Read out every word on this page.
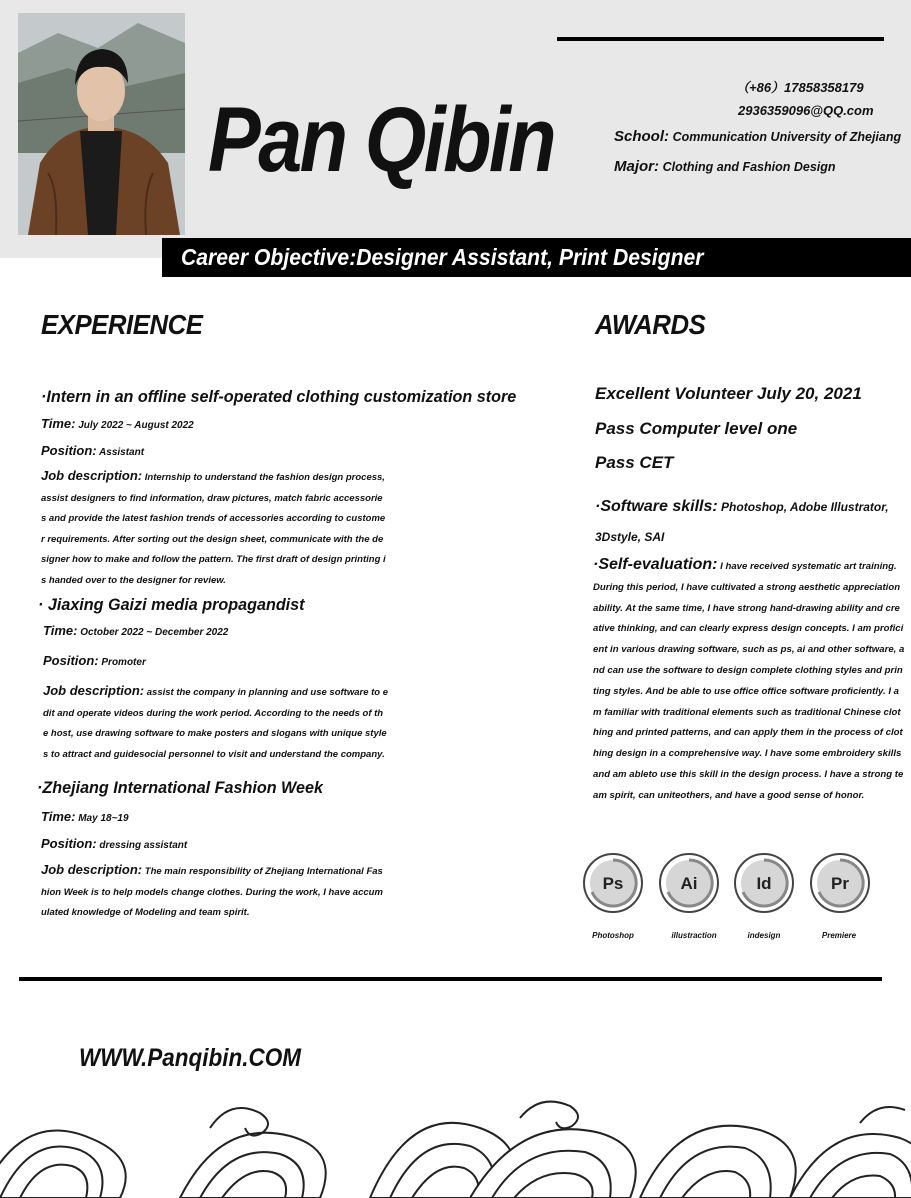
Pan Qibin
（+86）17858358179
2936359096@QQ.com
School: Communication University of Zhejiang
Major: Clothing and Fashion Design
Career Objective:Designer Assistant, Print Designer
EXPERIENCE
·Intern in an offline self-operated clothing customization store
Time: July 2022 ~ August 2022
Position: Assistant
Job description: Internship to understand the fashion design process, assist designers to find information, draw pictures, match fabric accessories and provide the latest fashion trends of accessories according to customer requirements. After sorting out the design sheet, communicate with the designer how to make and follow the pattern. The first draft of design printing is handed over to the designer for review.
· Jiaxing Gaizi media propagandist
Time: October 2022 ~ December 2022
Position: Promoter
Job description: assist the company in planning and use software to edit and operate videos during the work period. According to the needs of the host, use drawing software to make posters and slogans with unique styles to attract and guidesocial personnel to visit and understand the company.
·Zhejiang International Fashion Week
Time: May 18~19
Position: dressing assistant
Job description: The main responsibility of Zhejiang International Fashion Week is to help models change clothes. During the work, I have accumulated knowledge of Modeling and team spirit.
AWARDS
Excellent Volunteer July 20, 2021
Pass Computer level one
Pass CET
·Software skills: Photoshop, Adobe Illustrator, 3Dstyle, SAI
·Self-evaluation: I have received systematic art training. During this period, I have cultivated a strong aesthetic appreciation ability. At the same time, I have strong hand-drawing ability and creative thinking, and can clearly express design concepts. I am proficient in various drawing software, such as ps, ai and other software, and can use the software to design complete clothing styles and printing styles. And be able to use office office software proficiently. I am familiar with traditional elements such as traditional Chinese clothing and printed patterns, and can apply them in the process of clothing design in a comprehensive way. I have some embroidery skills and am ableto use this skill in the design process. I have a strong team spirit, can uniteothers, and have a good sense of honor.
Ps
Photoshop
Ai
illustraction
Id
indesign
Pr
Premiere
WWW.Panqibin.COM
